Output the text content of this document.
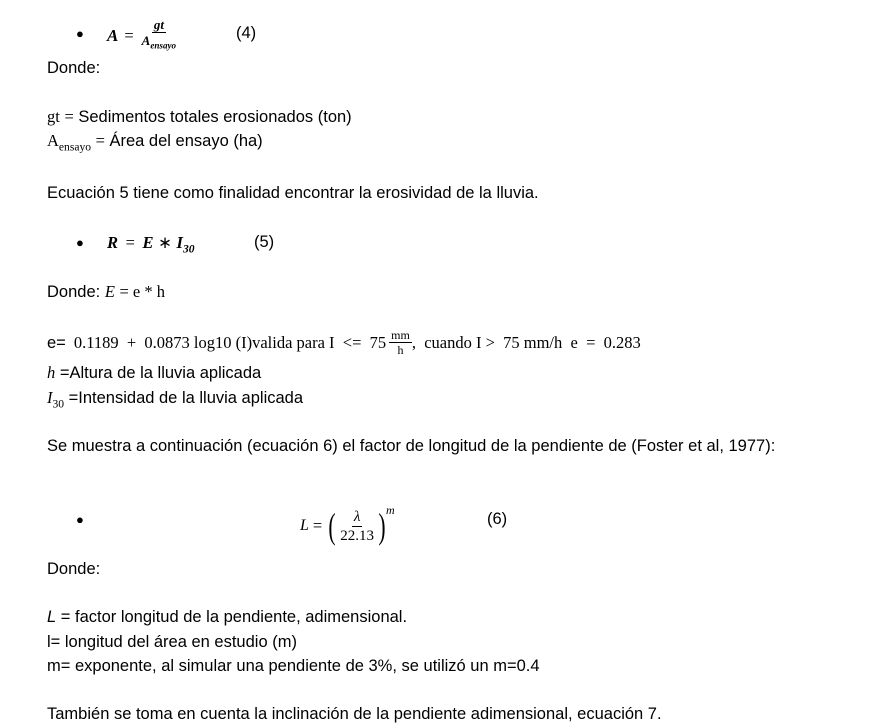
● $A = \frac{gt}{A_{ensayo}}$	(4)
Donde:
gt = Sedimentos totales erosionados (ton)
$A_{ensayo}$ = Área del ensayo (ha)
Ecuación 5 tiene como finalidad encontrar la erosividad de la lluvia.
● R = E ∗ $I_{30}$	(5)
Donde: E = e * h
e= 0.1189  +  0.0873 log10 (I)valida para $I <= 75 \frac{mm}{h}$ ,  cuando I >  75 mm/h  e  =  0.283
h =Altura de la lluvia aplicada
$I_{30}$ =Intensidad de la lluvia aplicada
Se muestra a continuación (ecuación 6) el factor de longitud de la pendiente de (Foster et al, 1977):
●	L = ( $\frac{\lambda}{22.13}$ ) m	(6)
Donde:
L = factor longitud de la pendiente, adimensional.
l= longitud del área en estudio (m)
m= exponente, al simular una pendiente de 3%, se utilizó un m=0.4
También se toma en cuenta la inclinación de la pendiente adimensional, ecuación 7.
